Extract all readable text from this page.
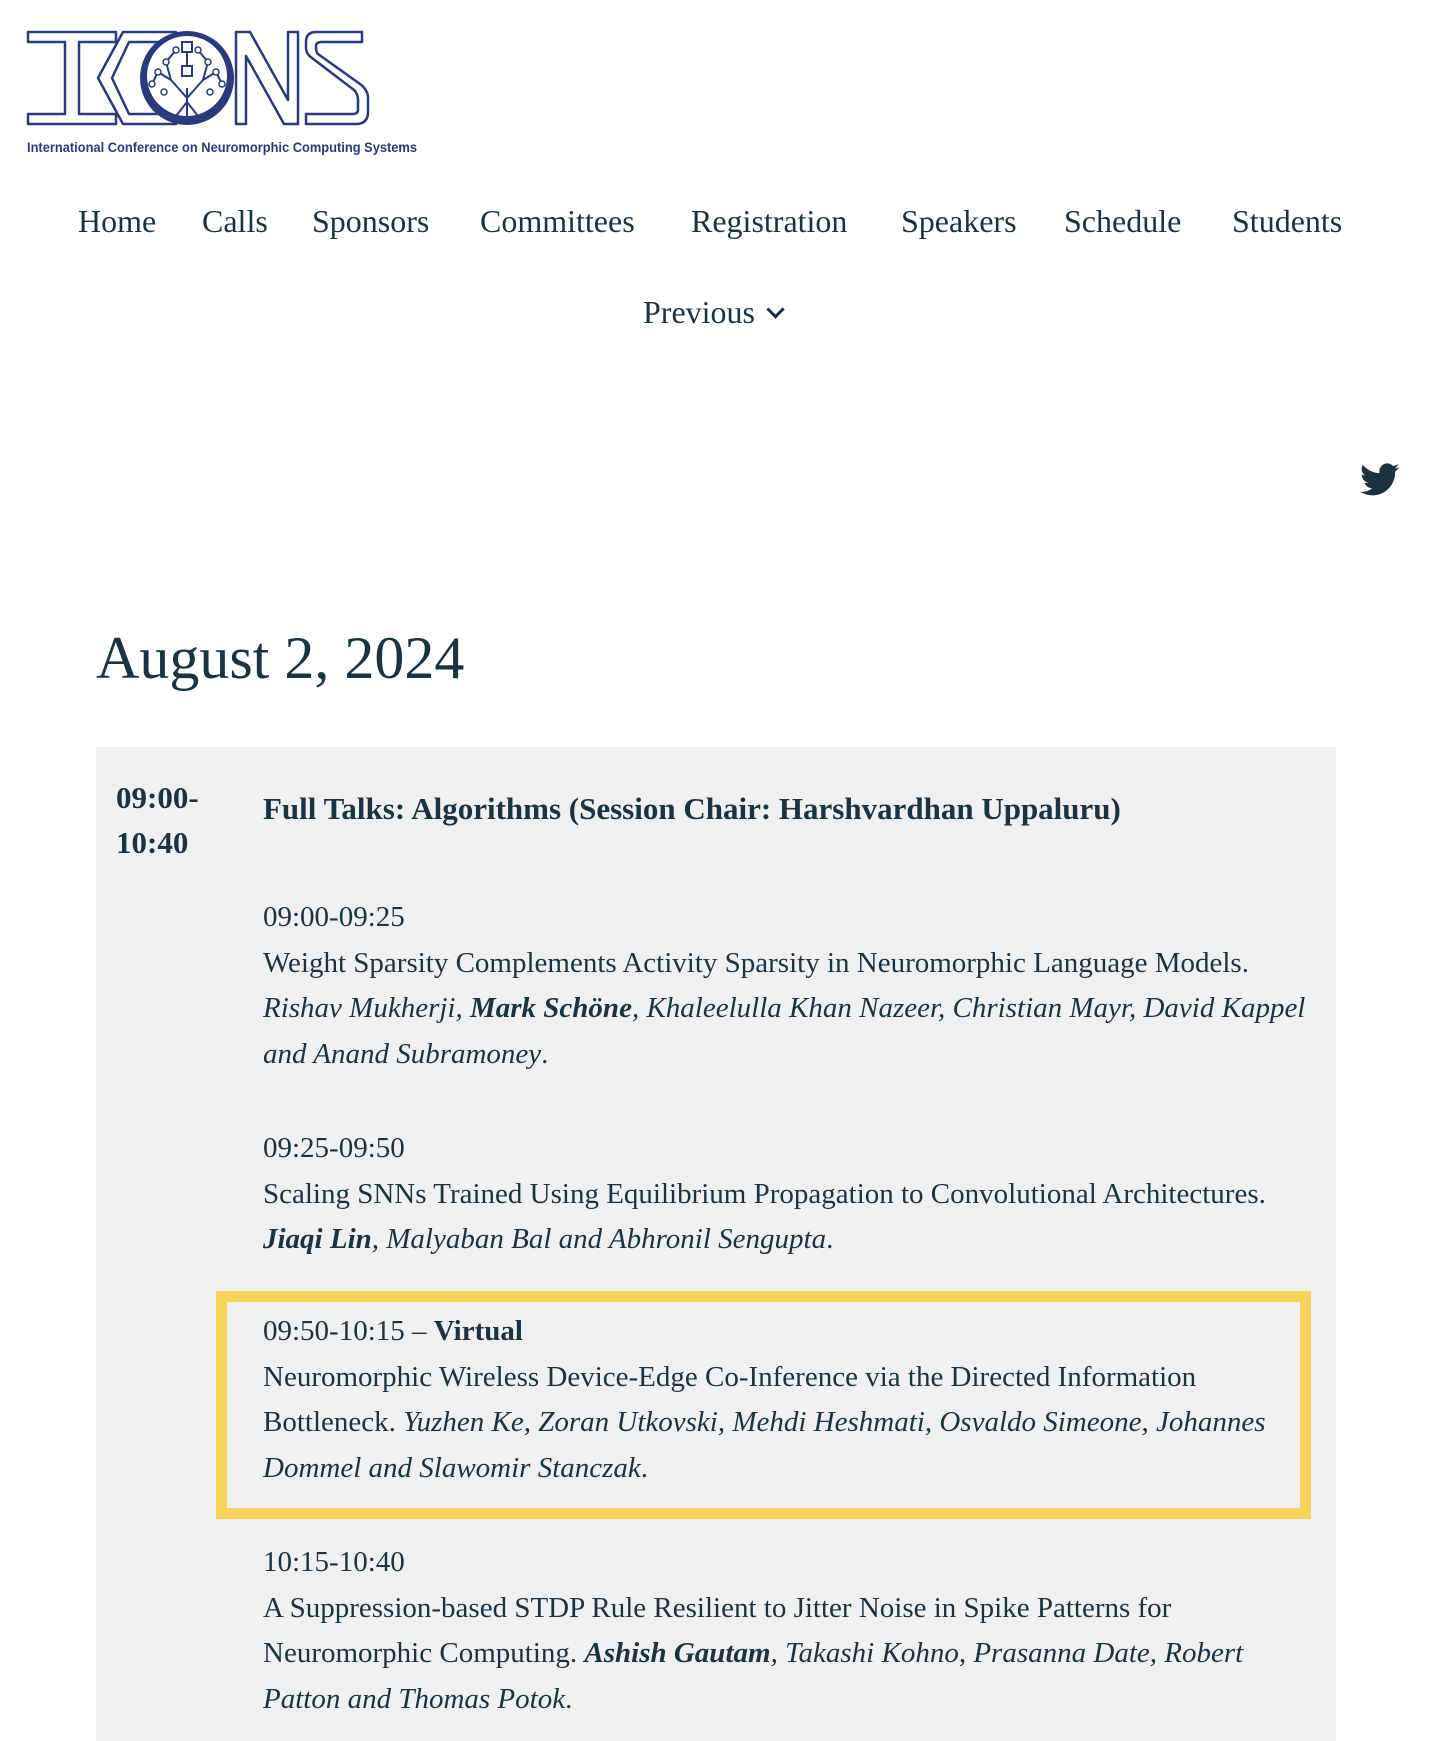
International Conference on Neuromorphic Computing Systems
Home Calls Sponsors Committees Registration Speakers Schedule Students
Previous
August 2, 2024
09:00-
10:40
Full Talks: Algorithms (Session Chair: Harshvardhan Uppaluru)
09:00-09:25
Weight Sparsity Complements Activity Sparsity in Neuromorphic Language Models. Rishav Mukherji, Mark Schöne, Khaleelulla Khan Nazeer, Christian Mayr, David Kappel and Anand Subramoney.
09:25-09:50
Scaling SNNs Trained Using Equilibrium Propagation to Convolutional Architectures. Jiaqi Lin, Malyaban Bal and Abhronil Sengupta.
09:50-10:15 – Virtual
Neuromorphic Wireless Device-Edge Co-Inference via the Directed Information Bottleneck. Yuzhen Ke, Zoran Utkovski, Mehdi Heshmati, Osvaldo Simeone, Johannes Dommel and Slawomir Stanczak.
10:15-10:40
A Suppression-based STDP Rule Resilient to Jitter Noise in Spike Patterns for Neuromorphic Computing. Ashish Gautam, Takashi Kohno, Prasanna Date, Robert Patton and Thomas Potok.
